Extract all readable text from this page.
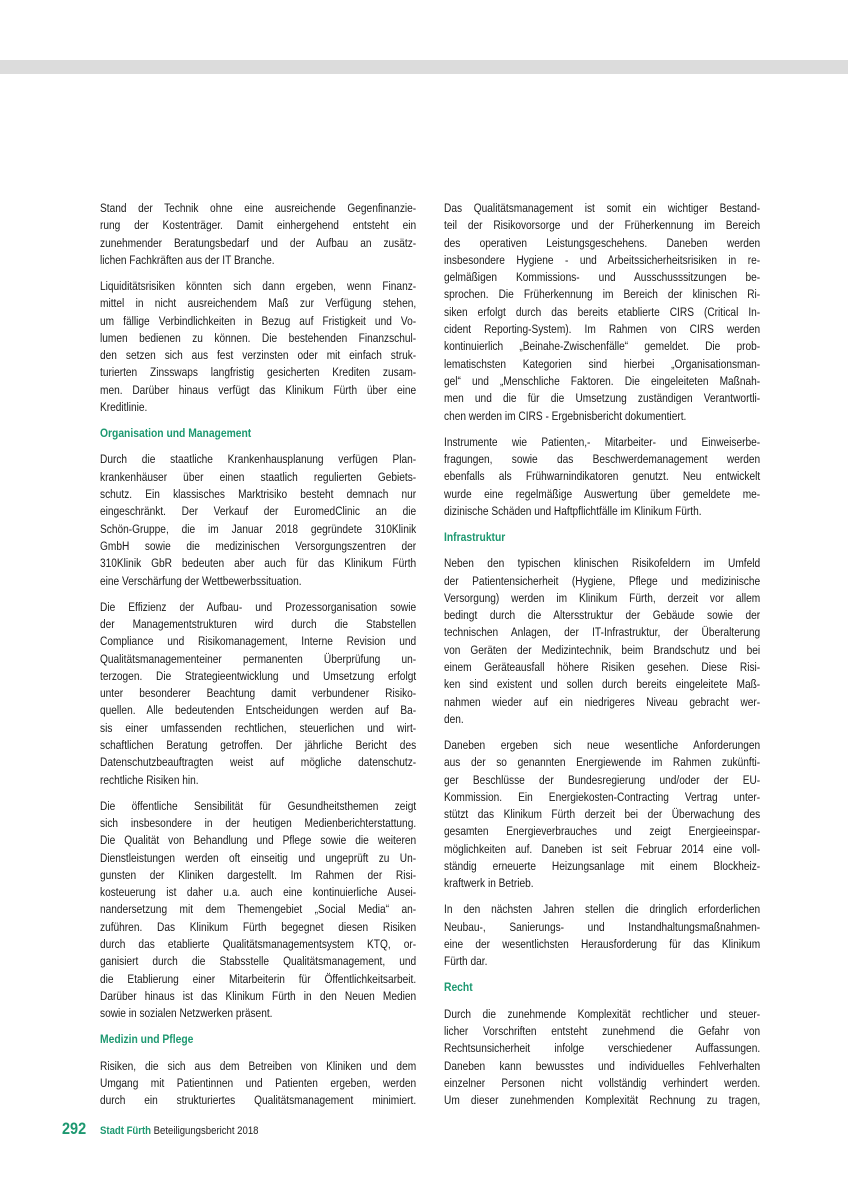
Stand der Technik ohne eine ausreichende Gegenfinanzie-
rung der Kostenträger. Damit einhergehend entsteht ein
zunehmender Beratungsbedarf und der Aufbau an zusätz-
lichen Fachkräften aus der IT Branche.
Liquiditätsrisiken könnten sich dann ergeben, wenn Finanz-
mittel in nicht ausreichendem Maß zur Verfügung stehen,
um fällige Verbindlichkeiten in Bezug auf Fristigkeit und Vo-
lumen bedienen zu können. Die bestehenden Finanzschul-
den setzen sich aus fest verzinsten oder mit einfach struk-
turierten Zinsswaps langfristig gesicherten Krediten zusam-
men. Darüber hinaus verfügt das Klinikum Fürth über eine
Kreditlinie.
Organisation und Management
Durch die staatliche Krankenhausplanung verfügen Plan-
krankenhäuser über einen staatlich regulierten Gebiets-
schutz. Ein klassisches Marktrisiko besteht demnach nur
eingeschränkt. Der Verkauf der EuromedClinic an die
Schön-Gruppe, die im Januar 2018 gegründete 310Klinik
GmbH sowie die medizinischen Versorgungszentren der
310Klinik GbR bedeuten aber auch für das Klinikum Fürth
eine Verschärfung der Wettbewerbssituation.
Die Effizienz der Aufbau- und Prozessorganisation sowie
der Managementstrukturen wird durch die Stabstellen
Compliance und Risikomanagement, Interne Revision und
Qualitätsmanagementeiner permanenten Überprüfung un-
terzogen. Die Strategieentwicklung und Umsetzung erfolgt
unter besonderer Beachtung damit verbundener Risiko-
quellen. Alle bedeutenden Entscheidungen werden auf Ba-
sis einer umfassenden rechtlichen, steuerlichen und wirt-
schaftlichen Beratung getroffen. Der jährliche Bericht des
Datenschutzbeauftragten weist auf mögliche datenschutz-
rechtliche Risiken hin.
Die öffentliche Sensibilität für Gesundheitsthemen zeigt
sich insbesondere in der heutigen Medienberichterstattung.
Die Qualität von Behandlung und Pflege sowie die weiteren
Dienstleistungen werden oft einseitig und ungeprüft zu Un-
gunsten der Kliniken dargestellt. Im Rahmen der Risi-
kosteuerung ist daher u.a. auch eine kontinuierliche Ausei-
nandersetzung mit dem Themengebiet „Social Media“ an-
zuführen. Das Klinikum Fürth begegnet diesen Risiken
durch das etablierte Qualitätsmanagementsystem KTQ, or-
ganisiert durch die Stabsstelle Qualitätsmanagement, und
die Etablierung einer Mitarbeiterin für Öffentlichkeitsarbeit.
Darüber hinaus ist das Klinikum Fürth in den Neuen Medien
sowie in sozialen Netzwerken präsent.
Medizin und Pflege
Risiken, die sich aus dem Betreiben von Kliniken und dem
Umgang mit Patientinnen und Patienten ergeben, werden
durch ein strukturiertes Qualitätsmanagement minimiert.
Das Qualitätsmanagement ist somit ein wichtiger Bestand-
teil der Risikovorsorge und der Früherkennung im Bereich
des operativen Leistungsgeschehens. Daneben werden
insbesondere Hygiene - und Arbeitssicherheitsrisiken in re-
gelmäßigen Kommissions- und Ausschusssitzungen be-
sprochen. Die Früherkennung im Bereich der klinischen Ri-
siken erfolgt durch das bereits etablierte CIRS (Critical In-
cident Reporting-System). Im Rahmen von CIRS werden
kontinuierlich „Beinahe-Zwischenfälle“ gemeldet. Die prob-
lematischsten Kategorien sind hierbei „Organisationsman-
gel“ und „Menschliche Faktoren. Die eingeleiteten Maßnah-
men und die für die Umsetzung zuständigen Verantwortli-
chen werden im CIRS - Ergebnisbericht dokumentiert.
Instrumente wie Patienten,- Mitarbeiter- und Einweiserbe-
fragungen, sowie das Beschwerdemanagement werden
ebenfalls als Frühwarnindikatoren genutzt. Neu entwickelt
wurde eine regelmäßige Auswertung über gemeldete me-
dizinische Schäden und Haftpflichtfälle im Klinikum Fürth.
Infrastruktur
Neben den typischen klinischen Risikofeldern im Umfeld
der Patientensicherheit (Hygiene, Pflege und medizinische
Versorgung) werden im Klinikum Fürth, derzeit vor allem
bedingt durch die Altersstruktur der Gebäude sowie der
technischen Anlagen, der IT-Infrastruktur, der Überalterung
von Geräten der Medizintechnik, beim Brandschutz und bei
einem Geräteausfall höhere Risiken gesehen. Diese Risi-
ken sind existent und sollen durch bereits eingeleitete Maß-
nahmen wieder auf ein niedrigeres Niveau gebracht wer-
den.
Daneben ergeben sich neue wesentliche Anforderungen
aus der so genannten Energiewende im Rahmen zukünfti-
ger Beschlüsse der Bundesregierung und/oder der EU-
Kommission. Ein Energiekosten-Contracting Vertrag unter-
stützt das Klinikum Fürth derzeit bei der Überwachung des
gesamten Energieverbrauches und zeigt Energieeinspar-
möglichkeiten auf. Daneben ist seit Februar 2014 eine voll-
ständig erneuerte Heizungsanlage mit einem Blockheiz-
kraftwerk in Betrieb.
In den nächsten Jahren stellen die dringlich erforderlichen
Neubau-, Sanierungs- und Instandhaltungsmaßnahmen-
eine der wesentlichsten Herausforderung für das Klinikum
Fürth dar.
Recht
Durch die zunehmende Komplexität rechtlicher und steuer-
licher Vorschriften entsteht zunehmend die Gefahr von
Rechtsunsicherheit infolge verschiedener Auffassungen.
Daneben kann bewusstes und individuelles Fehlverhalten
einzelner Personen nicht vollständig verhindert werden.
Um dieser zunehmenden Komplexität Rechnung zu tragen,
292	Stadt Fürth Beteiligungsbericht 2018
